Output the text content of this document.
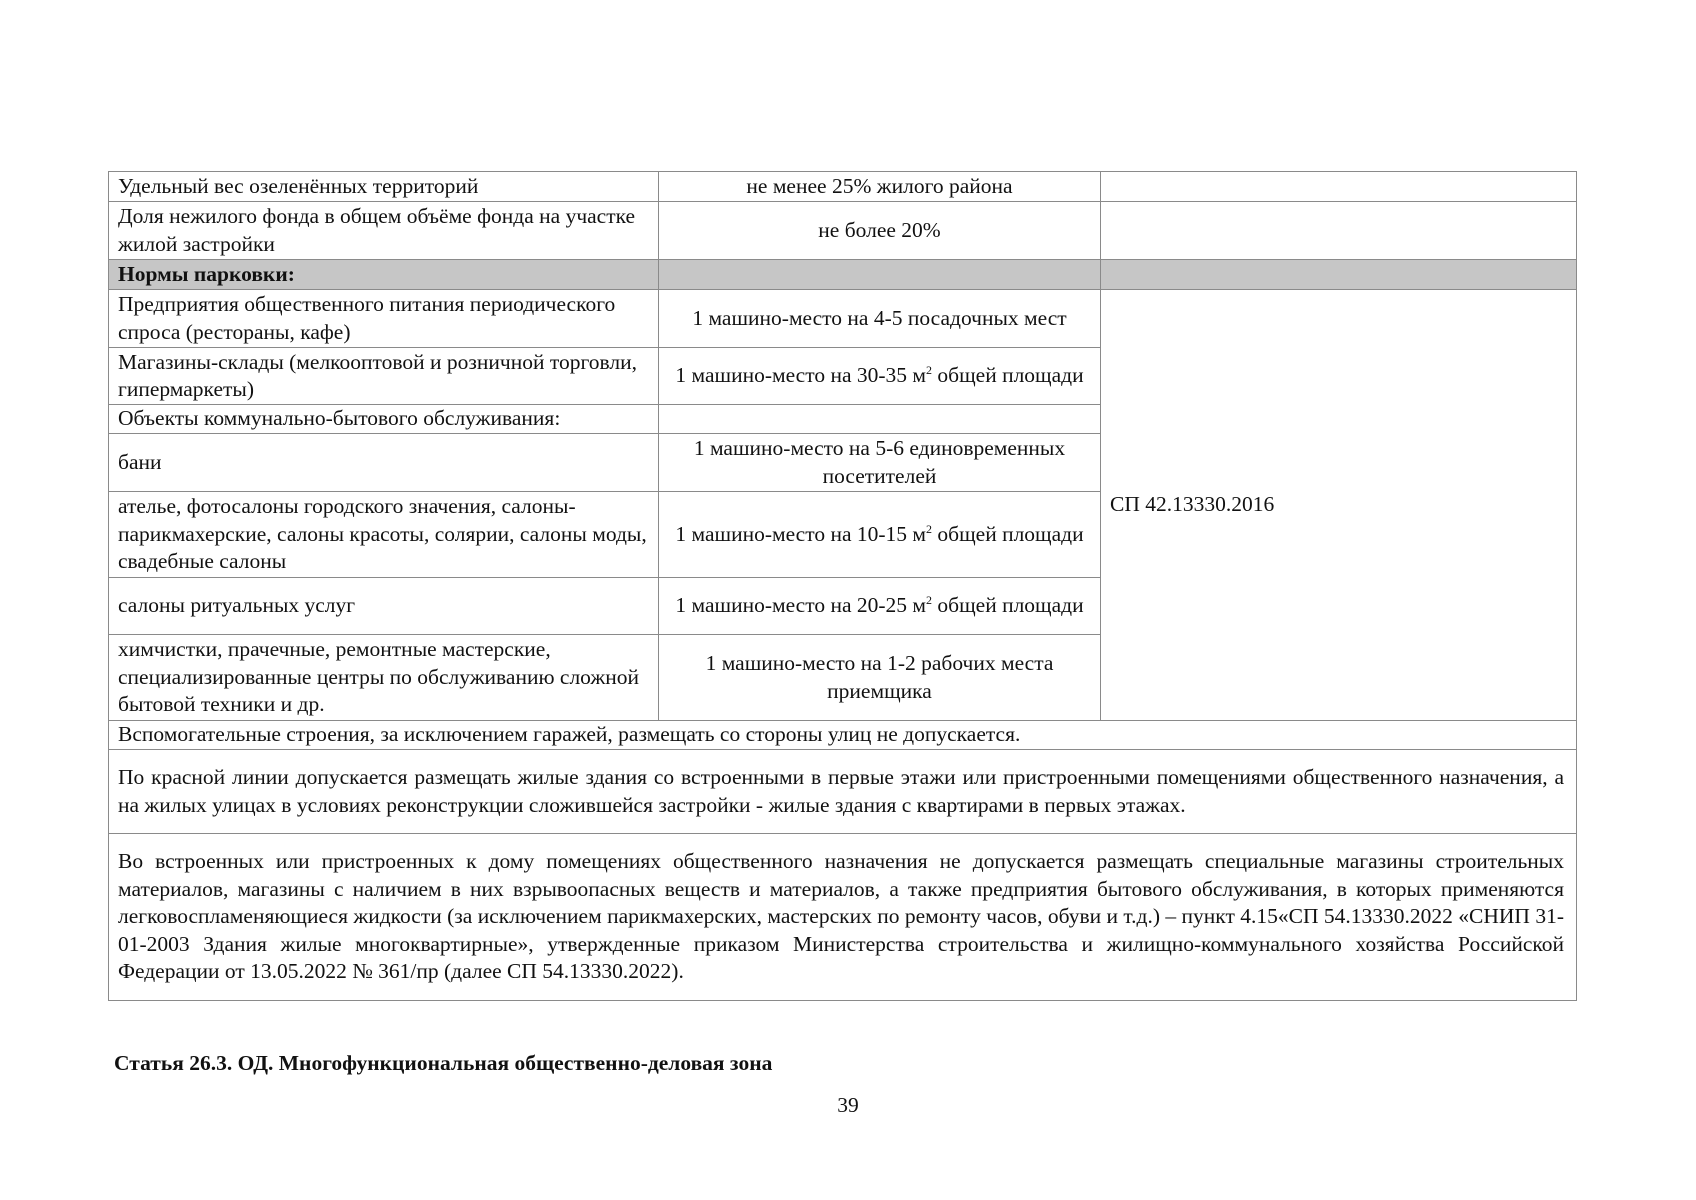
Удельный вес озеленённых территорий	не менее 25% жилого района	
Доля нежилого фонда в общем объёме фонда на участке жилой застройки	не более 20%	
Нормы парковки:		
Предприятия общественного питания периодического спроса (рестораны, кафе)	1 машино-место на 4-5 посадочных мест	СП 42.13330.2016
Магазины-склады (мелкооптовой и розничной торговли, гипермаркеты)	1 машино-место на 30-35 $м^2$ общей площади	
Объекты коммунально-бытового обслуживания:		
бани	1 машино-место на 5-6 единовременных посетителей	
ателье, фотосалоны городского значения, салоны-парикмахерские, салоны красоты, солярии, салоны моды, свадебные салоны	1 машино-место на 10-15 $м^2$ общей площади	
салоны ритуальных услуг	1 машино-место на 20-25 $м^2$ общей площади	
химчистки, прачечные, ремонтные мастерские, специализированные центры по обслуживанию сложной бытовой техники и др.	1 машино-место на 1-2 рабочих места приемщика	
Вспомогательные строения, за исключением гаражей, размещать со стороны улиц не допускается.		
По красной линии допускается размещать жилые здания со встроенными в первые этажи или пристроенными помещениями общественного назначения, а на жилых улицах в условиях реконструкции сложившейся застройки - жилые здания с квартирами в первых этажах.		
Во встроенных или пристроенных к дому помещениях общественного назначения не допускается размещать специальные магазины строительных материалов, магазины с наличием в них взрывоопасных веществ и материалов, а также предприятия бытового обслуживания, в которых применяются легковоспламеняющиеся жидкости (за исключением парикмахерских, мастерских по ремонту часов, обуви и т.д.) – пункт 4.15«СП 54.13330.2022 «СНИП 31-01-2003 Здания жилые многоквартирные», утвержденные приказом Министерства строительства и жилищно-коммунального хозяйства Российской Федерации от 13.05.2022 № 361/пр (далее СП 54.13330.2022).		
Статья 26.3. ОД. Многофункциональная общественно-деловая зона
39
